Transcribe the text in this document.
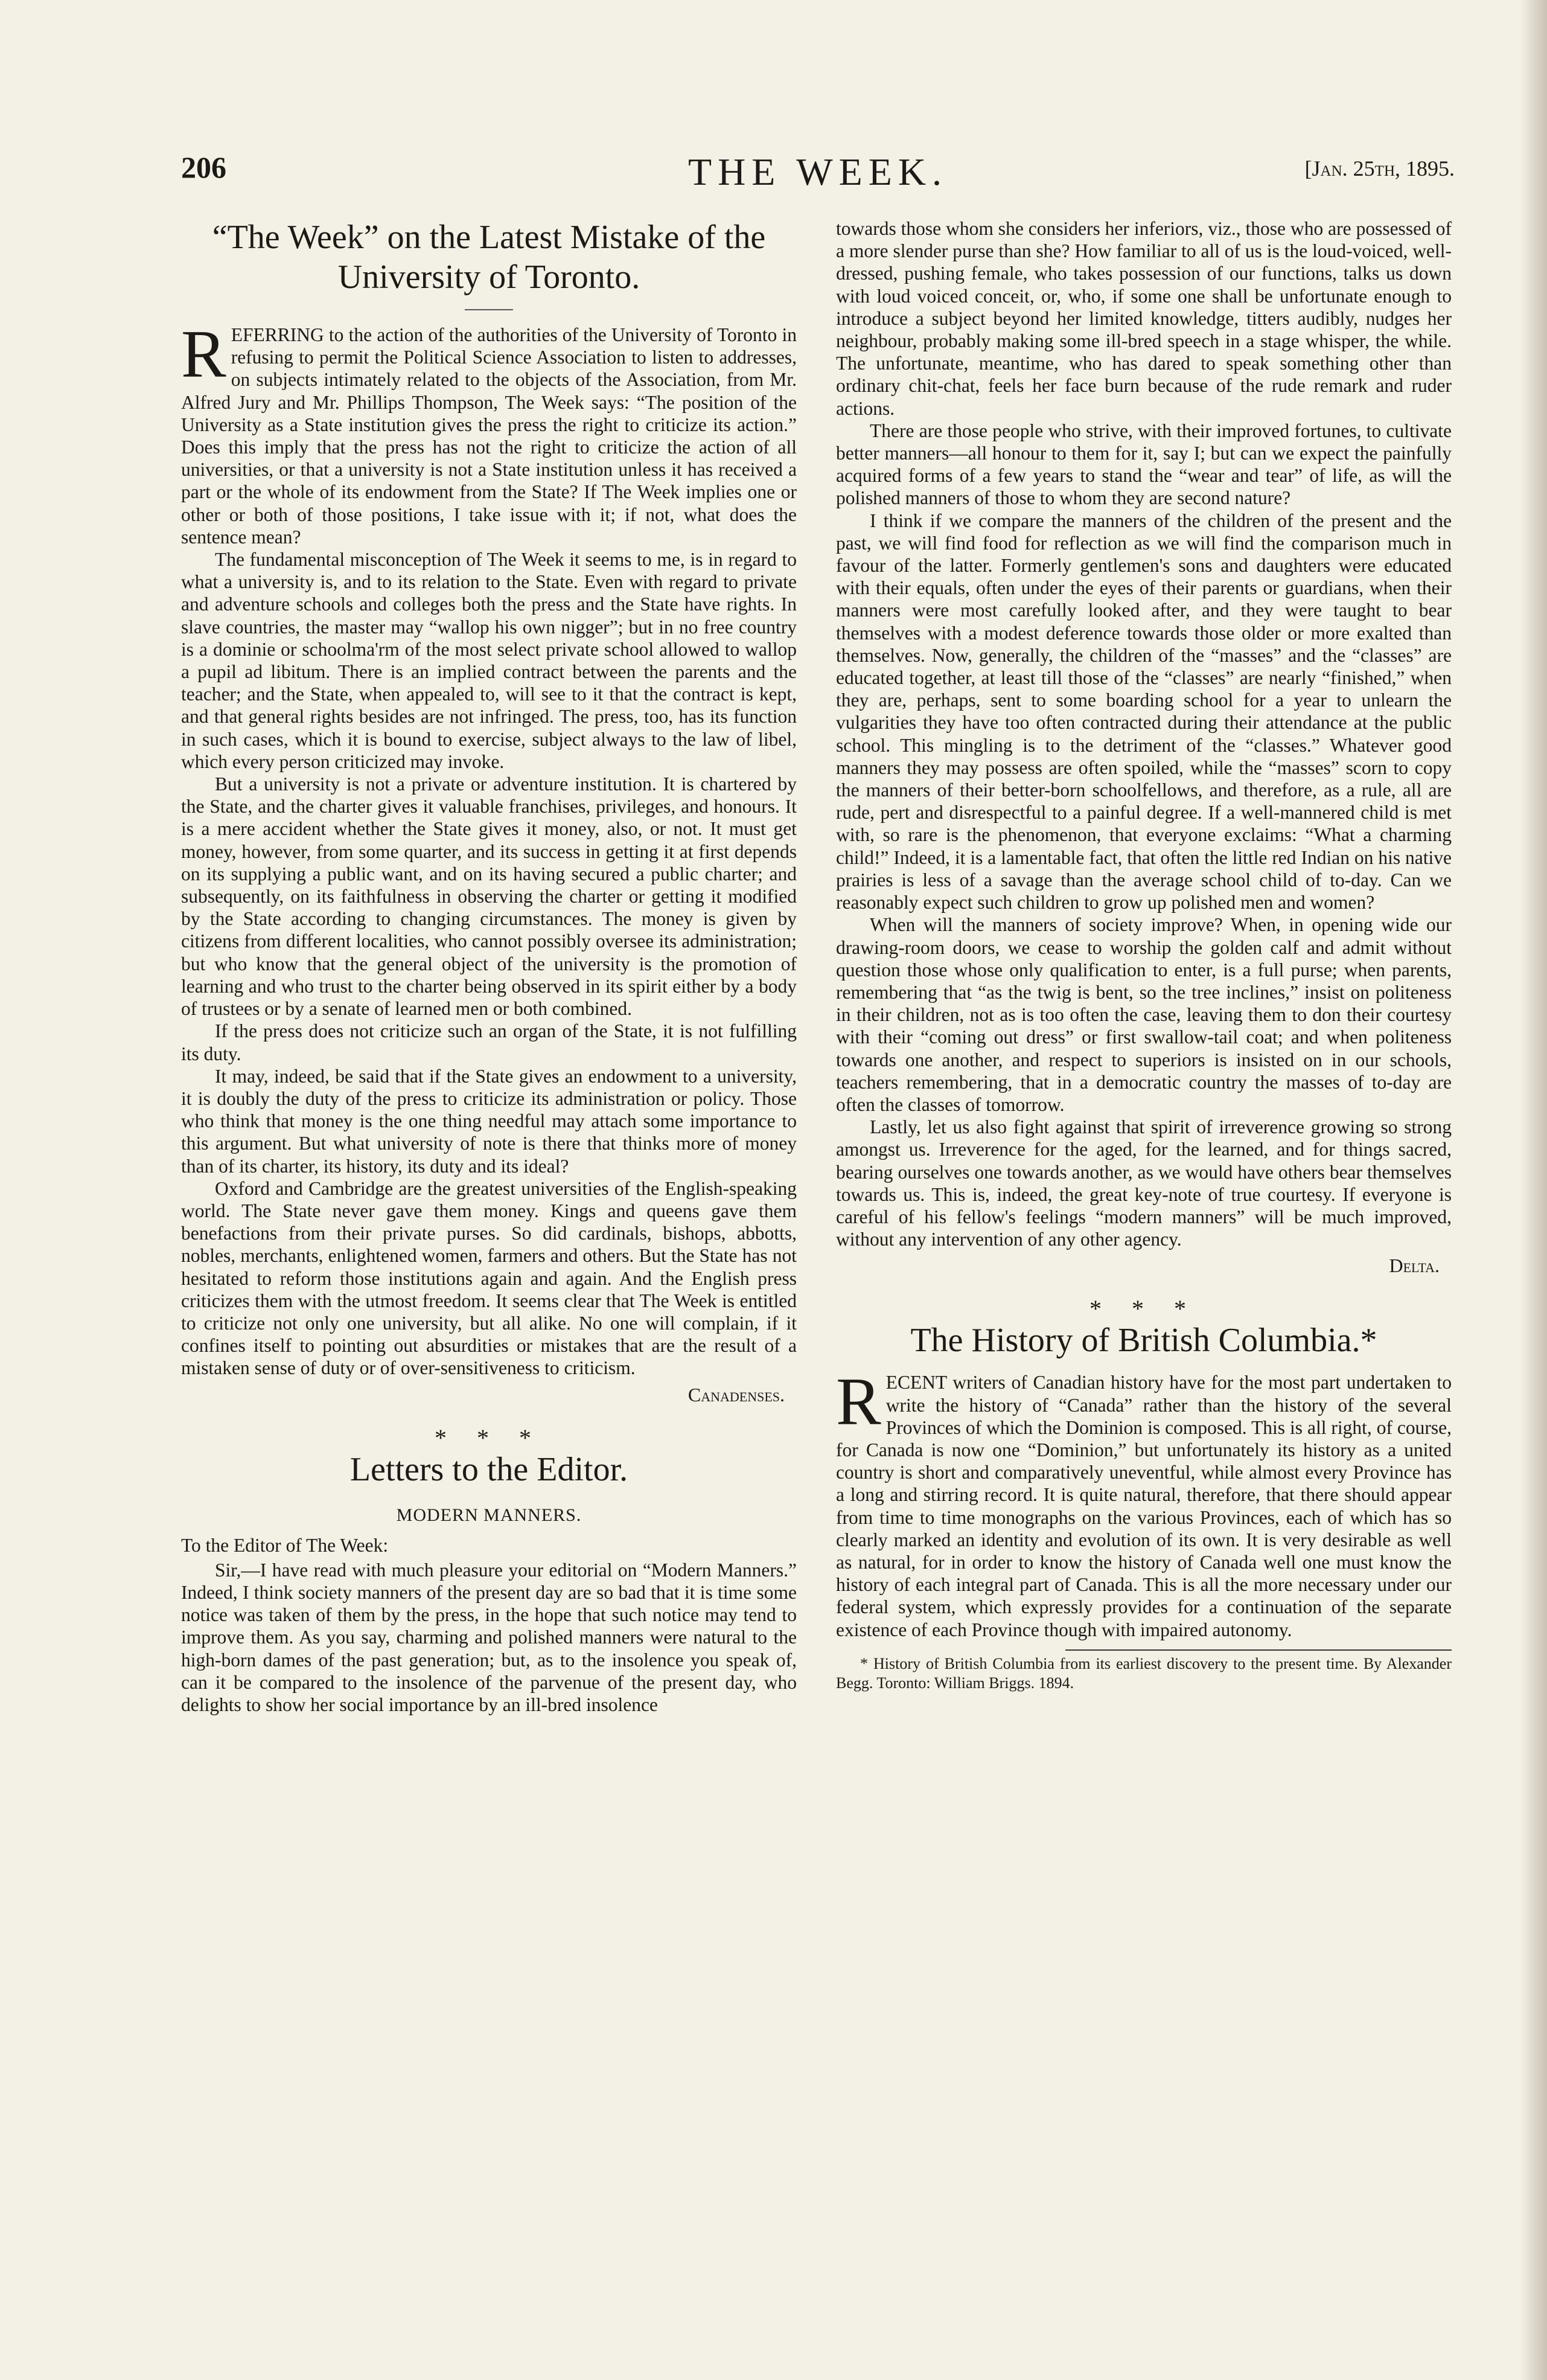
206	THE WEEK.	[Jan. 25th, 1895.
“The Week” on the Latest Mistake of the University of Toronto.

REFERRING to the action of the authorities of the University of Toronto in refusing to permit the Political Science Association to listen to addresses, on subjects intimately related to the objects of the Association, from Mr. Alfred Jury and Mr. Phillips Thompson, The Week says: “The position of the University as a State institution gives the press the right to criticize its action.” Does this imply that the press has not the right to criticize the action of all universities, or that a university is not a State institution unless it has received a part or the whole of its endowment from the State? If The Week implies one or other or both of those positions, I take issue with it; if not, what does the sentence mean?

The fundamental misconception of The Week it seems to me, is in regard to what a university is, and to its relation to the State. Even with regard to private and adventure schools and colleges both the press and the State have rights. In slave countries, the master may “wallop his own nigger”; but in no free country is a dominie or schoolma'rm of the most select private school allowed to wallop a pupil ad libitum. There is an implied contract between the parents and the teacher; and the State, when appealed to, will see to it that the contract is kept, and that general rights besides are not infringed. The press, too, has its function in such cases, which it is bound to exercise, subject always to the law of libel, which every person criticized may invoke.

But a university is not a private or adventure institution. It is chartered by the State, and the charter gives it valuable franchises, privileges, and honours. It is a mere accident whether the State gives it money, also, or not. It must get money, however, from some quarter, and its success in getting it at first depends on its supplying a public want, and on its having secured a public charter; and subsequently, on its faithfulness in observing the charter or getting it modified by the State according to changing circumstances. The money is given by citizens from different localities, who cannot possibly oversee its administration; but who know that the general object of the university is the promotion of learning and who trust to the charter being observed in its spirit either by a body of trustees or by a senate of learned men or both combined.

If the press does not criticize such an organ of the State, it is not fulfilling its duty.

It may, indeed, be said that if the State gives an endowment to a university, it is doubly the duty of the press to criticize its administration or policy. Those who think that money is the one thing needful may attach some importance to this argument. But what university of note is there that thinks more of money than of its charter, its history, its duty and its ideal?

Oxford and Cambridge are the greatest universities of the English-speaking world. The State never gave them money. Kings and queens gave them benefactions from their private purses. So did cardinals, bishops, abbotts, nobles, merchants, enlightened women, farmers and others. But the State has not hesitated to reform those institutions again and again. And the English press criticizes them with the utmost freedom. It seems clear that The Week is entitled to criticize not only one university, but all alike. No one will complain, if it confines itself to pointing out absurdities or mistakes that are the result of a mistaken sense of duty or of over-sensitiveness to criticism.

Canadenses.
* * *
Letters to the Editor.
MODERN MANNERS.
To the Editor of The Week:

Sir,—I have read with much pleasure your editorial on “Modern Manners.” Indeed, I think society manners of the present day are so bad that it is time some notice was taken of them by the press, in the hope that such notice may tend to improve them. As you say, charming and polished manners were natural to the high-born dames of the past generation; but, as to the insolence you speak of, can it be compared to the insolence of the parvenue of the present day, who delights to show her social importance by an ill-bred insolence

towards those whom she considers her inferiors, viz., those who are possessed of a more slender purse than she? How familiar to all of us is the loud-voiced, well-dressed, pushing female, who takes possession of our functions, talks us down with loud voiced conceit, or, who, if some one shall be unfortunate enough to introduce a subject beyond her limited knowledge, titters audibly, nudges her neighbour, probably making some ill-bred speech in a stage whisper, the while. The unfortunate, meantime, who has dared to speak something other than ordinary chit-chat, feels her face burn because of the rude remark and ruder actions.

There are those people who strive, with their improved fortunes, to cultivate better manners—all honour to them for it, say I; but can we expect the painfully acquired forms of a few years to stand the “wear and tear” of life, as will the polished manners of those to whom they are second nature?

I think if we compare the manners of the children of the present and the past, we will find food for reflection as we will find the comparison much in favour of the latter. Formerly gentlemen's sons and daughters were educated with their equals, often under the eyes of their parents or guardians, when their manners were most carefully looked after, and they were taught to bear themselves with a modest deference towards those older or more exalted than themselves. Now, generally, the children of the “masses” and the “classes” are educated together, at least till those of the “classes” are nearly “finished,” when they are, perhaps, sent to some boarding school for a year to unlearn the vulgarities they have too often contracted during their attendance at the public school. This mingling is to the detriment of the “classes.” Whatever good manners they may possess are often spoiled, while the “masses” scorn to copy the manners of their better-born schoolfellows, and therefore, as a rule, all are rude, pert and disrespectful to a painful degree. If a well-mannered child is met with, so rare is the phenomenon, that everyone exclaims: “What a charming child!” Indeed, it is a lamentable fact, that often the little red Indian on his native prairies is less of a savage than the average school child of to-day. Can we reasonably expect such children to grow up polished men and women?

When will the manners of society improve? When, in opening wide our drawing-room doors, we cease to worship the golden calf and admit without question those whose only qualification to enter, is a full purse; when parents, remembering that “as the twig is bent, so the tree inclines,” insist on politeness in their children, not as is too often the case, leaving them to don their courtesy with their “coming out dress” or first swallow-tail coat; and when politeness towards one another, and respect to superiors is insisted on in our schools, teachers remembering, that in a democratic country the masses of to-day are often the classes of tomorrow.

Lastly, let us also fight against that spirit of irreverence growing so strong amongst us. Irreverence for the aged, for the learned, and for things sacred, bearing ourselves one towards another, as we would have others bear themselves towards us. This is, indeed, the great key-note of true courtesy. If everyone is careful of his fellow's feelings “modern manners” will be much improved, without any intervention of any other agency.

Delta.
* * *
The History of British Columbia.*

RECENT writers of Canadian history have for the most part undertaken to write the history of “Canada” rather than the history of the several Provinces of which the Dominion is composed. This is all right, of course, for Canada is now one “Dominion,” but unfortunately its history as a united country is short and comparatively uneventful, while almost every Province has a long and stirring record. It is quite natural, therefore, that there should appear from time to time monographs on the various Provinces, each of which has so clearly marked an identity and evolution of its own. It is very desirable as well as natural, for in order to know the history of Canada well one must know the history of each integral part of Canada. This is all the more necessary under our federal system, which expressly provides for a continuation of the separate existence of each Province though with impaired autonomy.

* History of British Columbia from its earliest discovery to the present time. By Alexander Begg. Toronto: William Briggs. 1894.
